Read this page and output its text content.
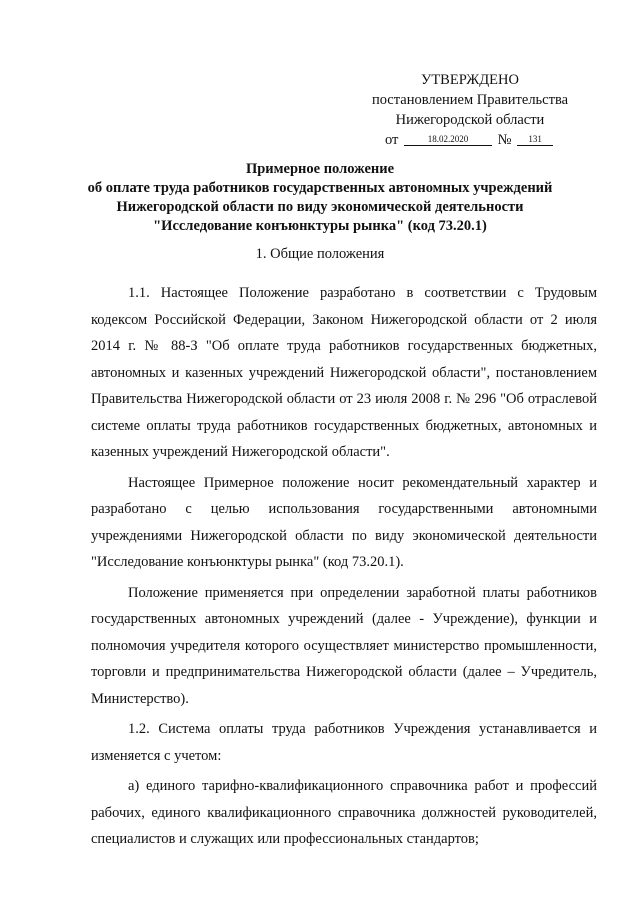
УТВЕРЖДЕНО
постановлением Правительства
Нижегородской области
от	18.02.2020 № 131
Примерное положение
об оплате труда работников государственных автономных учреждений
Нижегородской области по виду экономической деятельности
"Исследование конъюнктуры рынка" (код 73.20.1)
1. Общие положения

1.1. Настоящее Положение разработано в соответствии с Трудовым кодексом Российской Федерации, Законом Нижегородской области от 2 июля 2014 г. № 88-З "Об оплате труда работников государственных бюджетных, автономных и казенных учреждений Нижегородской области", постановлением Правительства Нижегородской области от 23 июля 2008 г. № 296 "Об отраслевой системе оплаты труда работников государственных бюджетных, автономных и казенных учреждений Нижегородской области".

Настоящее Примерное положение носит рекомендательный характер и разработано с целью использования государственными автономными учреждениями Нижегородской области по виду экономической деятельности "Исследование конъюнктуры рынка" (код 73.20.1).

Положение применяется при определении заработной платы работников государственных автономных учреждений (далее - Учреждение), функции и полномочия учредителя которого осуществляет министерство промышленности, торговли и предпринимательства Нижегородской области (далее – Учредитель, Министерство).

1.2. Система оплаты труда работников Учреждения устанавливается и изменяется с учетом:

а) единого тарифно-квалификационного справочника работ и профессий рабочих, единого квалификационного справочника должностей руководителей, специалистов и служащих или профессиональных стандартов;
